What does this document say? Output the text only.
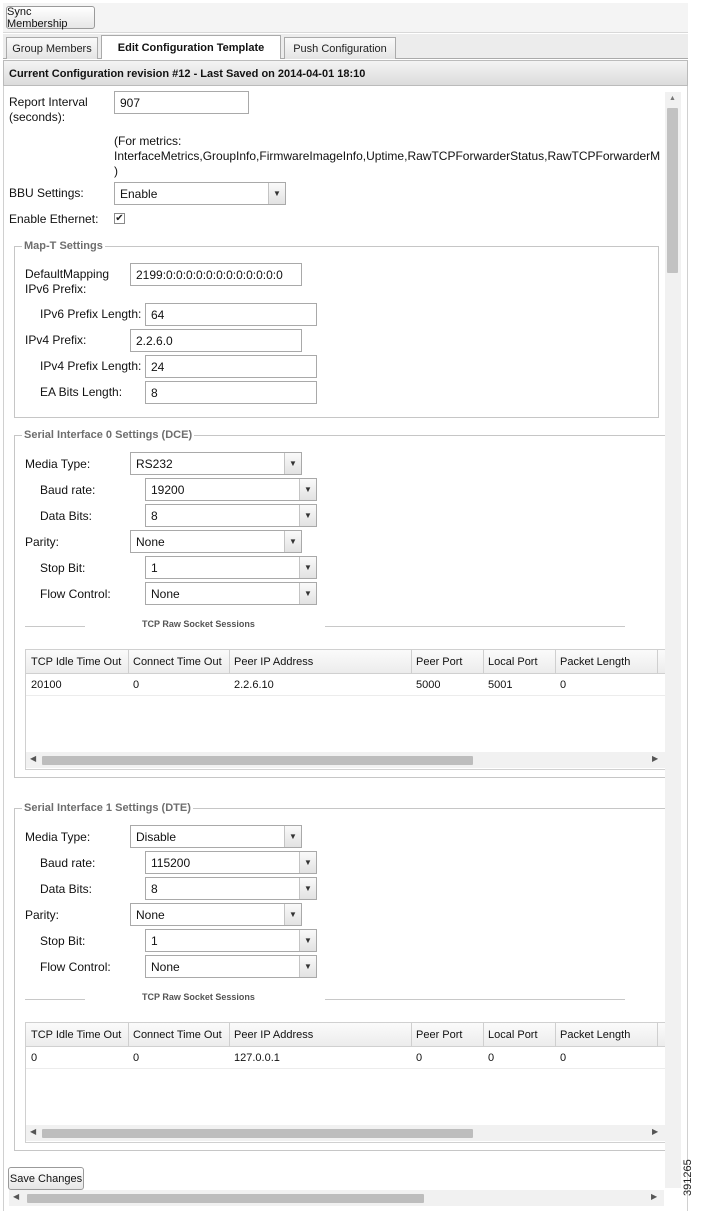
Sync Membership
Group Members	Edit Configuration Template	Push Configuration
Current Configuration revision #12 - Last Saved on 2014-04-01 18:10
▲
Report Interval
(seconds):
907
(For metrics:
InterfaceMetrics,GroupInfo,FirmwareImageInfo,Uptime,RawTCPForwarderStatus,RawTCPForwarderM
)
BBU Settings:	Enable	▼
Enable Ethernet: ✔
Map-T Settings
DefaultMapping
IPv6 Prefix:
2199:0:0:0:0:0:0:0:0:0:0:0:0
IPv6 Prefix Length: 64
IPv4 Prefix:	2.2.6.0
IPv4 Prefix Length: 24
EA Bits Length:	8
Serial Interface 0 Settings (DCE)
Media Type:	RS232	▼
Baud rate:	19200	▼
Data Bits:	8	▼
Parity:	None	▼
Stop Bit:	1	▼
Flow Control:	None	▼
TCP Raw Socket Sessions
TCP Idle Time Out	Connect Time Out	Peer IP Address	Peer Port	Local Port	Packet Length
20100	0	2.2.6.10	5000	5001	0
◀	▶
Serial Interface 1 Settings (DTE)
Media Type:	Disable	▼
Baud rate:	115200	▼
Data Bits:	8	▼
Parity:	None	▼
Stop Bit:	1	▼
Flow Control:	None	▼
TCP Raw Socket Sessions
TCP Idle Time Out	Connect Time Out	Peer IP Address	Peer Port	Local Port	Packet Length
0	0	127.0.0.1	0	0	0
◀	▶
Save Changes
◀	▶
391265
